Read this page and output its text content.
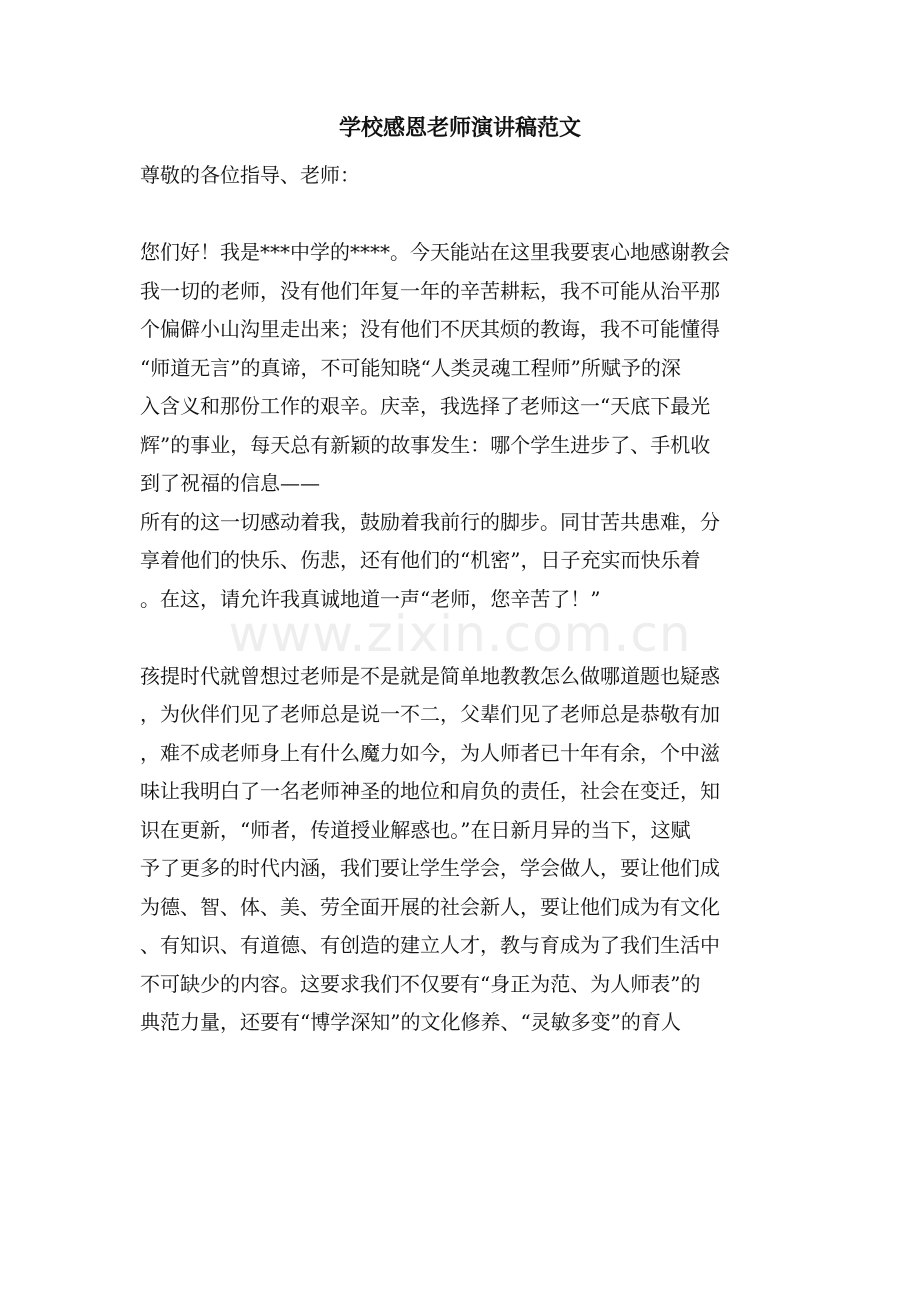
学校感恩老师演讲稿范文
尊敬的各位指导、老师：
您们好！我是***中学的****。今天能站在这里我要衷心地感谢教会
我一切的老师，没有他们年复一年的辛苦耕耘，我不可能从治平那
个偏僻小山沟里走出来；没有他们不厌其烦的教诲，我不可能懂得
“师道无言”的真谛，不可能知晓“人类灵魂工程师”所赋予的深
入含义和那份工作的艰辛。庆幸，我选择了老师这一“天底下最光
辉”的事业，每天总有新颖的故事发生：哪个学生进步了、手机收
到了祝福的信息——
所有的这一切感动着我，鼓励着我前行的脚步。同甘苦共患难，分
享着他们的快乐、伤悲，还有他们的“机密”，日子充实而快乐着
。在这，请允许我真诚地道一声“老师，您辛苦了！”
孩提时代就曾想过老师是不是就是简单地教教怎么做哪道题也疑惑
，为伙伴们见了老师总是说一不二，父辈们见了老师总是恭敬有加
，难不成老师身上有什么魔力如今，为人师者已十年有余，个中滋
味让我明白了一名老师神圣的地位和肩负的责任，社会在变迁，知
识在更新，“师者，传道授业解惑也。”在日新月异的当下，这赋
予了更多的时代内涵，我们要让学生学会，学会做人，要让他们成
为德、智、体、美、劳全面开展的社会新人，要让他们成为有文化
、有知识、有道德、有创造的建立人才，教与育成为了我们生活中
不可缺少的内容。这要求我们不仅要有“身正为范、为人师表”的
典范力量，还要有“博学深知”的文化修养、“灵敏多变”的育人
www.zixin.com.cn
